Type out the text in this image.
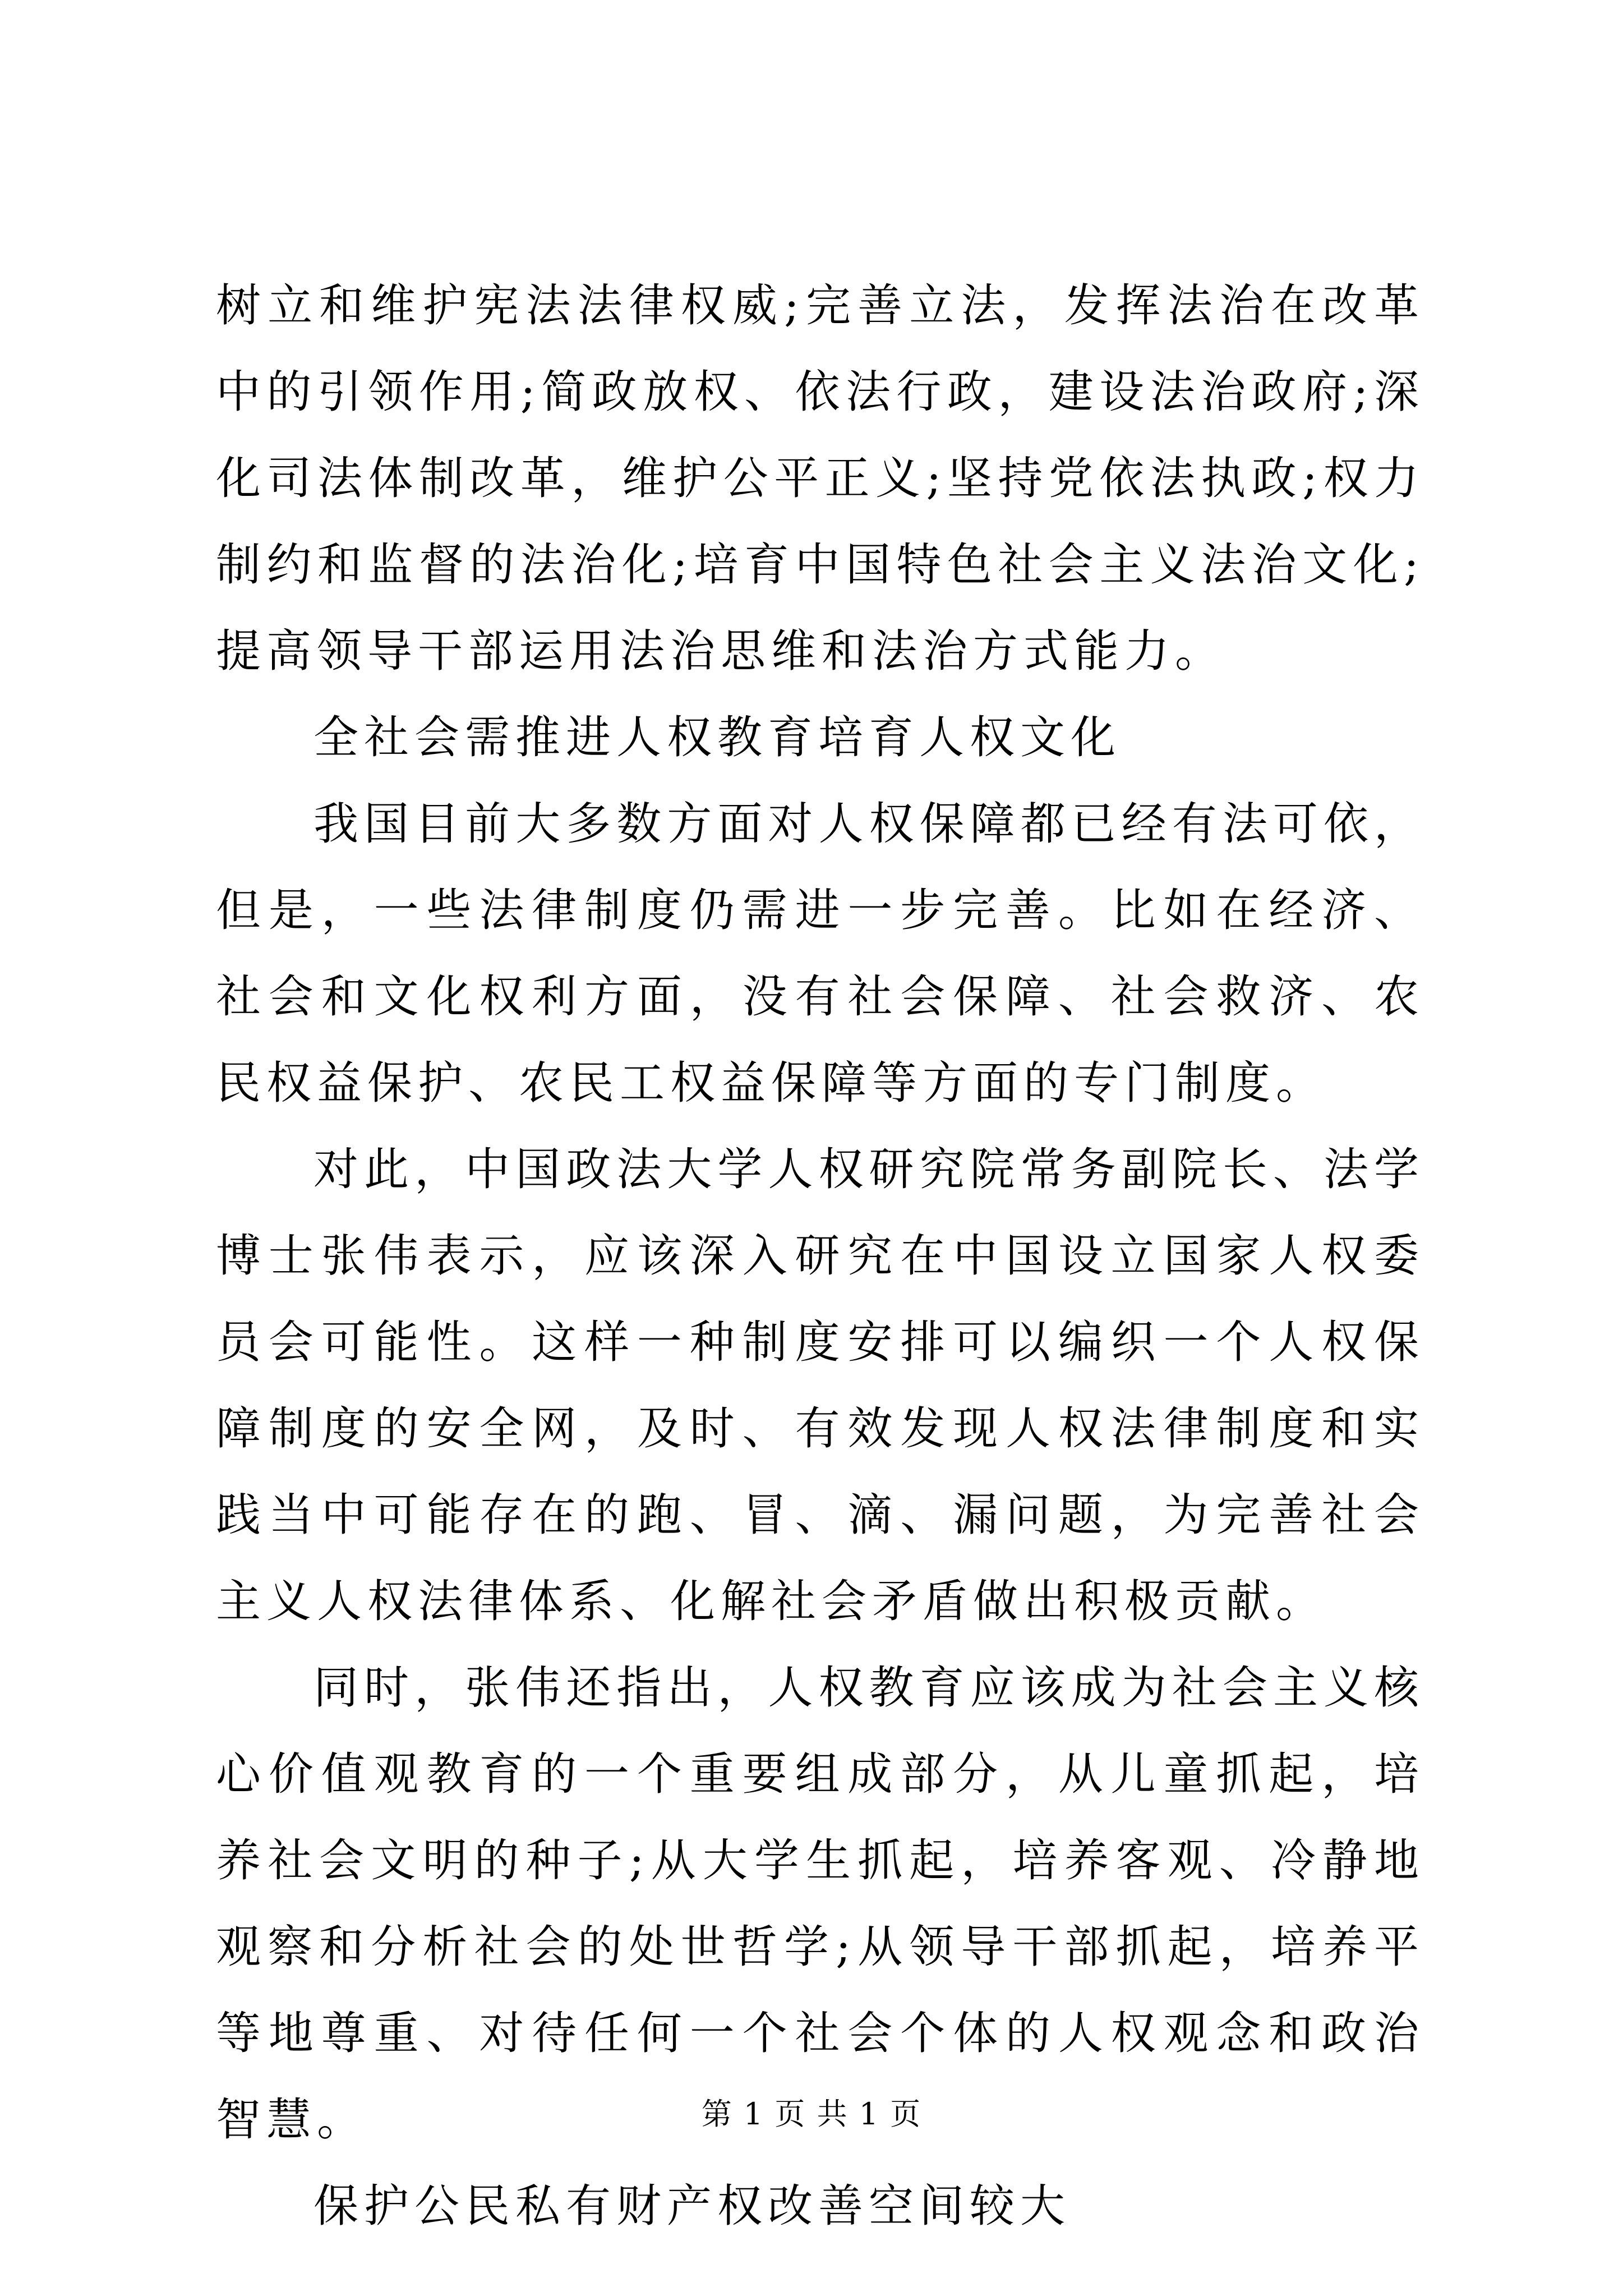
树立和维护宪法法律权威;完善立法，发挥法治在改革中的引领作用;简政放权、依法行政，建设法治政府;深化司法体制改革，维护公平正义;坚持党依法执政;权力制约和监督的法治化;培育中国特色社会主义法治文化;提高领导干部运用法治思维和法治方式能力。

全社会需推进人权教育培育人权文化

我国目前大多数方面对人权保障都已经有法可依，但是，一些法律制度仍需进一步完善。比如在经济、社会和文化权利方面，没有社会保障、社会救济、农民权益保护、农民工权益保障等方面的专门制度。

对此，中国政法大学人权研究院常务副院长、法学博士张伟表示，应该深入研究在中国设立国家人权委员会可能性。这样一种制度安排可以编织一个人权保障制度的安全网，及时、有效发现人权法律制度和实践当中可能存在的跑、冒、滴、漏问题，为完善社会主义人权法律体系、化解社会矛盾做出积极贡献。

同时，张伟还指出，人权教育应该成为社会主义核心价值观教育的一个重要组成部分，从儿童抓起，培养社会文明的种子;从大学生抓起，培养客观、冷静地观察和分析社会的处世哲学;从领导干部抓起，培养平等地尊重、对待任何一个社会个体的人权观念和政治智慧。

保护公民私有财产权改善空间较大

第 1 页 共 1 页
